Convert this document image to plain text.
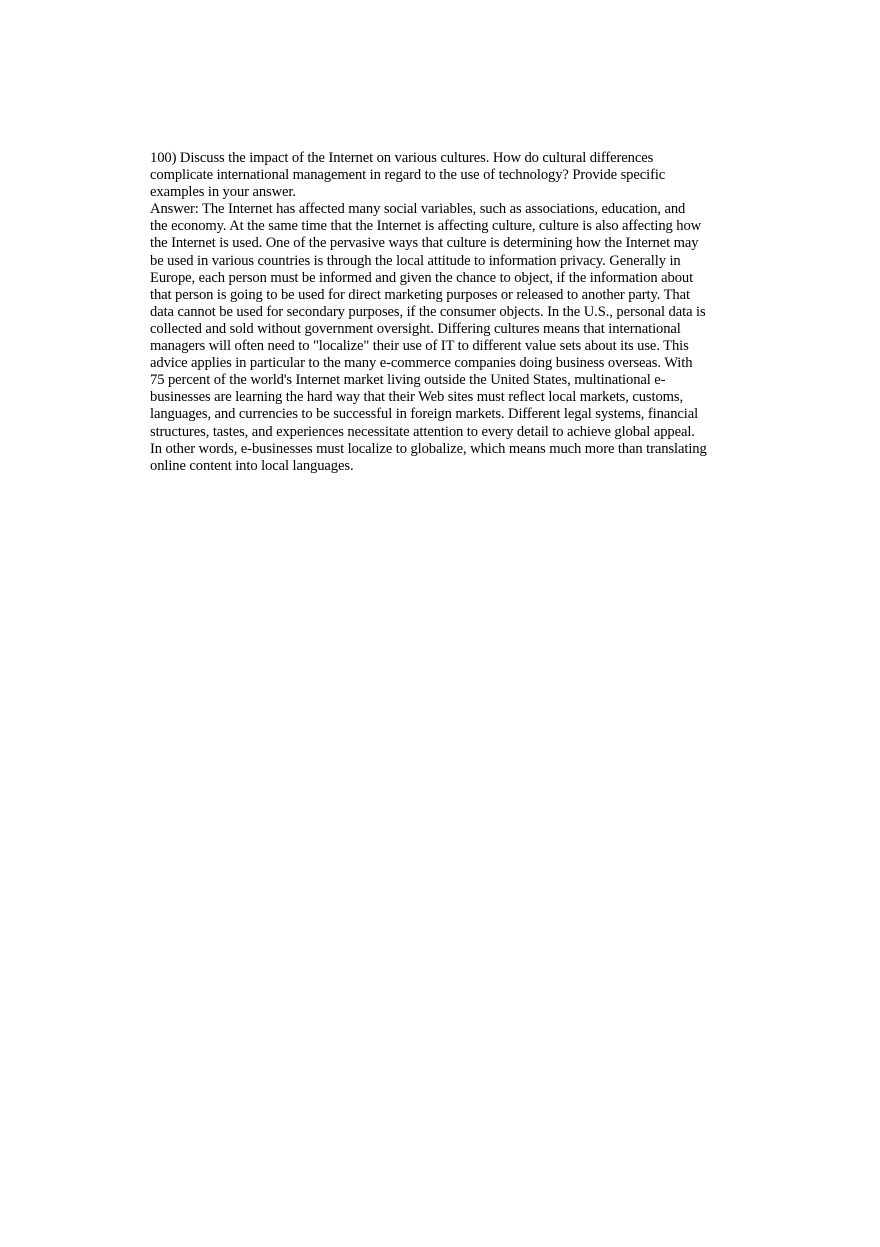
100) Discuss the impact of the Internet on various cultures. How do cultural differences
complicate international management in regard to the use of technology? Provide specific
examples in your answer.
Answer: The Internet has affected many social variables, such as associations, education, and
the economy. At the same time that the Internet is affecting culture, culture is also affecting how
the Internet is used. One of the pervasive ways that culture is determining how the Internet may
be used in various countries is through the local attitude to information privacy. Generally in
Europe, each person must be informed and given the chance to object, if the information about
that person is going to be used for direct marketing purposes or released to another party. That
data cannot be used for secondary purposes, if the consumer objects. In the U.S., personal data is
collected and sold without government oversight. Differing cultures means that international
managers will often need to "localize" their use of IT to different value sets about its use. This
advice applies in particular to the many e-commerce companies doing business overseas. With
75 percent of the world's Internet market living outside the United States, multinational e-
businesses are learning the hard way that their Web sites must reflect local markets, customs,
languages, and currencies to be successful in foreign markets. Different legal systems, financial
structures, tastes, and experiences necessitate attention to every detail to achieve global appeal.
In other words, e-businesses must localize to globalize, which means much more than translating
online content into local languages.
